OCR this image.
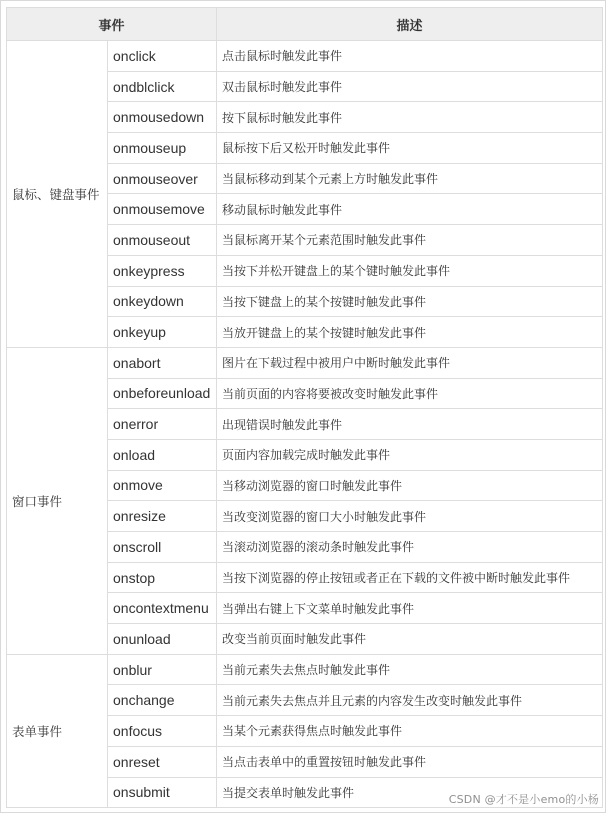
事件		描述
鼠标、键盘事件	onclick	点击鼠标时触发此事件
	ondblclick	双击鼠标时触发此事件
	onmousedown	按下鼠标时触发此事件
	onmouseup	鼠标按下后又松开时触发此事件
	onmouseover	当鼠标移动到某个元素上方时触发此事件
	onmousemove	移动鼠标时触发此事件
	onmouseout	当鼠标离开某个元素范围时触发此事件
	onkeypress	当按下并松开键盘上的某个键时触发此事件
	onkeydown	当按下键盘上的某个按键时触发此事件
	onkeyup	当放开键盘上的某个按键时触发此事件
窗口事件	onabort	图片在下载过程中被用户中断时触发此事件
	onbeforeunload	当前页面的内容将要被改变时触发此事件
	onerror	出现错误时触发此事件
	onload	页面内容加载完成时触发此事件
	onmove	当移动浏览器的窗口时触发此事件
	onresize	当改变浏览器的窗口大小时触发此事件
	onscroll	当滚动浏览器的滚动条时触发此事件
	onstop	当按下浏览器的停止按钮或者正在下载的文件被中断时触发此事件
	oncontextmenu	当弹出右键上下文菜单时触发此事件
	onunload	改变当前页面时触发此事件
表单事件	onblur	当前元素失去焦点时触发此事件
	onchange	当前元素失去焦点并且元素的内容发生改变时触发此事件
	onfocus	当某个元素获得焦点时触发此事件
	onreset	当点击表单中的重置按钮时触发此事件
	onsubmit	当提交表单时触发此事件	CSDN @才不是小emo的小杨
